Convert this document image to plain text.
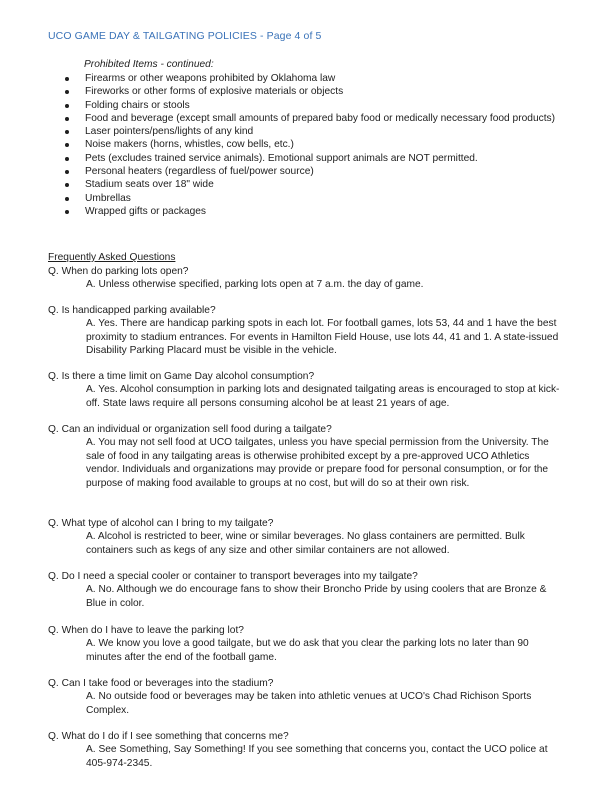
UCO GAME DAY & TAILGATING POLICIES - Page 4 of 5
Prohibited Items - continued:
Firearms or other weapons prohibited by Oklahoma law
Fireworks or other forms of explosive materials or objects
Folding chairs or stools
Food and beverage (except small amounts of prepared baby food or medically necessary food products)
Laser pointers/pens/lights of any kind
Noise makers (horns, whistles, cow bells, etc.)
Pets (excludes trained service animals). Emotional support animals are NOT permitted.
Personal heaters (regardless of fuel/power source)
Stadium seats over 18" wide
Umbrellas
Wrapped gifts or packages
Frequently Asked Questions
Q. When do parking lots open?
A. Unless otherwise specified, parking lots open at 7 a.m. the day of game.
Q. Is handicapped parking available?
A. Yes. There are handicap parking spots in each lot. For football games, lots 53, 44 and 1 have the best proximity to stadium entrances. For events in Hamilton Field House, use lots 44, 41 and 1. A state-issued Disability Parking Placard must be visible in the vehicle.
Q. Is there a time limit on Game Day alcohol consumption?
A. Yes. Alcohol consumption in parking lots and designated tailgating areas is encouraged to stop at kick-off. State laws require all persons consuming alcohol be at least 21 years of age.
Q. Can an individual or organization sell food during a tailgate?
A. You may not sell food at UCO tailgates, unless you have special permission from the University. The sale of food in any tailgating areas is otherwise prohibited except by a pre-approved UCO Athletics vendor. Individuals and organizations may provide or prepare food for personal consumption, or for the purpose of making food available to groups at no cost, but will do so at their own risk.
Q. What type of alcohol can I bring to my tailgate?
A. Alcohol is restricted to beer, wine or similar beverages. No glass containers are permitted. Bulk containers such as kegs of any size and other similar containers are not allowed.
Q. Do I need a special cooler or container to transport beverages into my tailgate?
A. No. Although we do encourage fans to show their Broncho Pride by using coolers that are Bronze & Blue in color.
Q. When do I have to leave the parking lot?
A. We know you love a good tailgate, but we do ask that you clear the parking lots no later than 90 minutes after the end of the football game.
Q. Can I take food or beverages into the stadium?
A. No outside food or beverages may be taken into athletic venues at UCO's Chad Richison Sports Complex.
Q. What do I do if I see something that concerns me?
A. See Something, Say Something! If you see something that concerns you, contact the UCO police at 405-974-2345.
